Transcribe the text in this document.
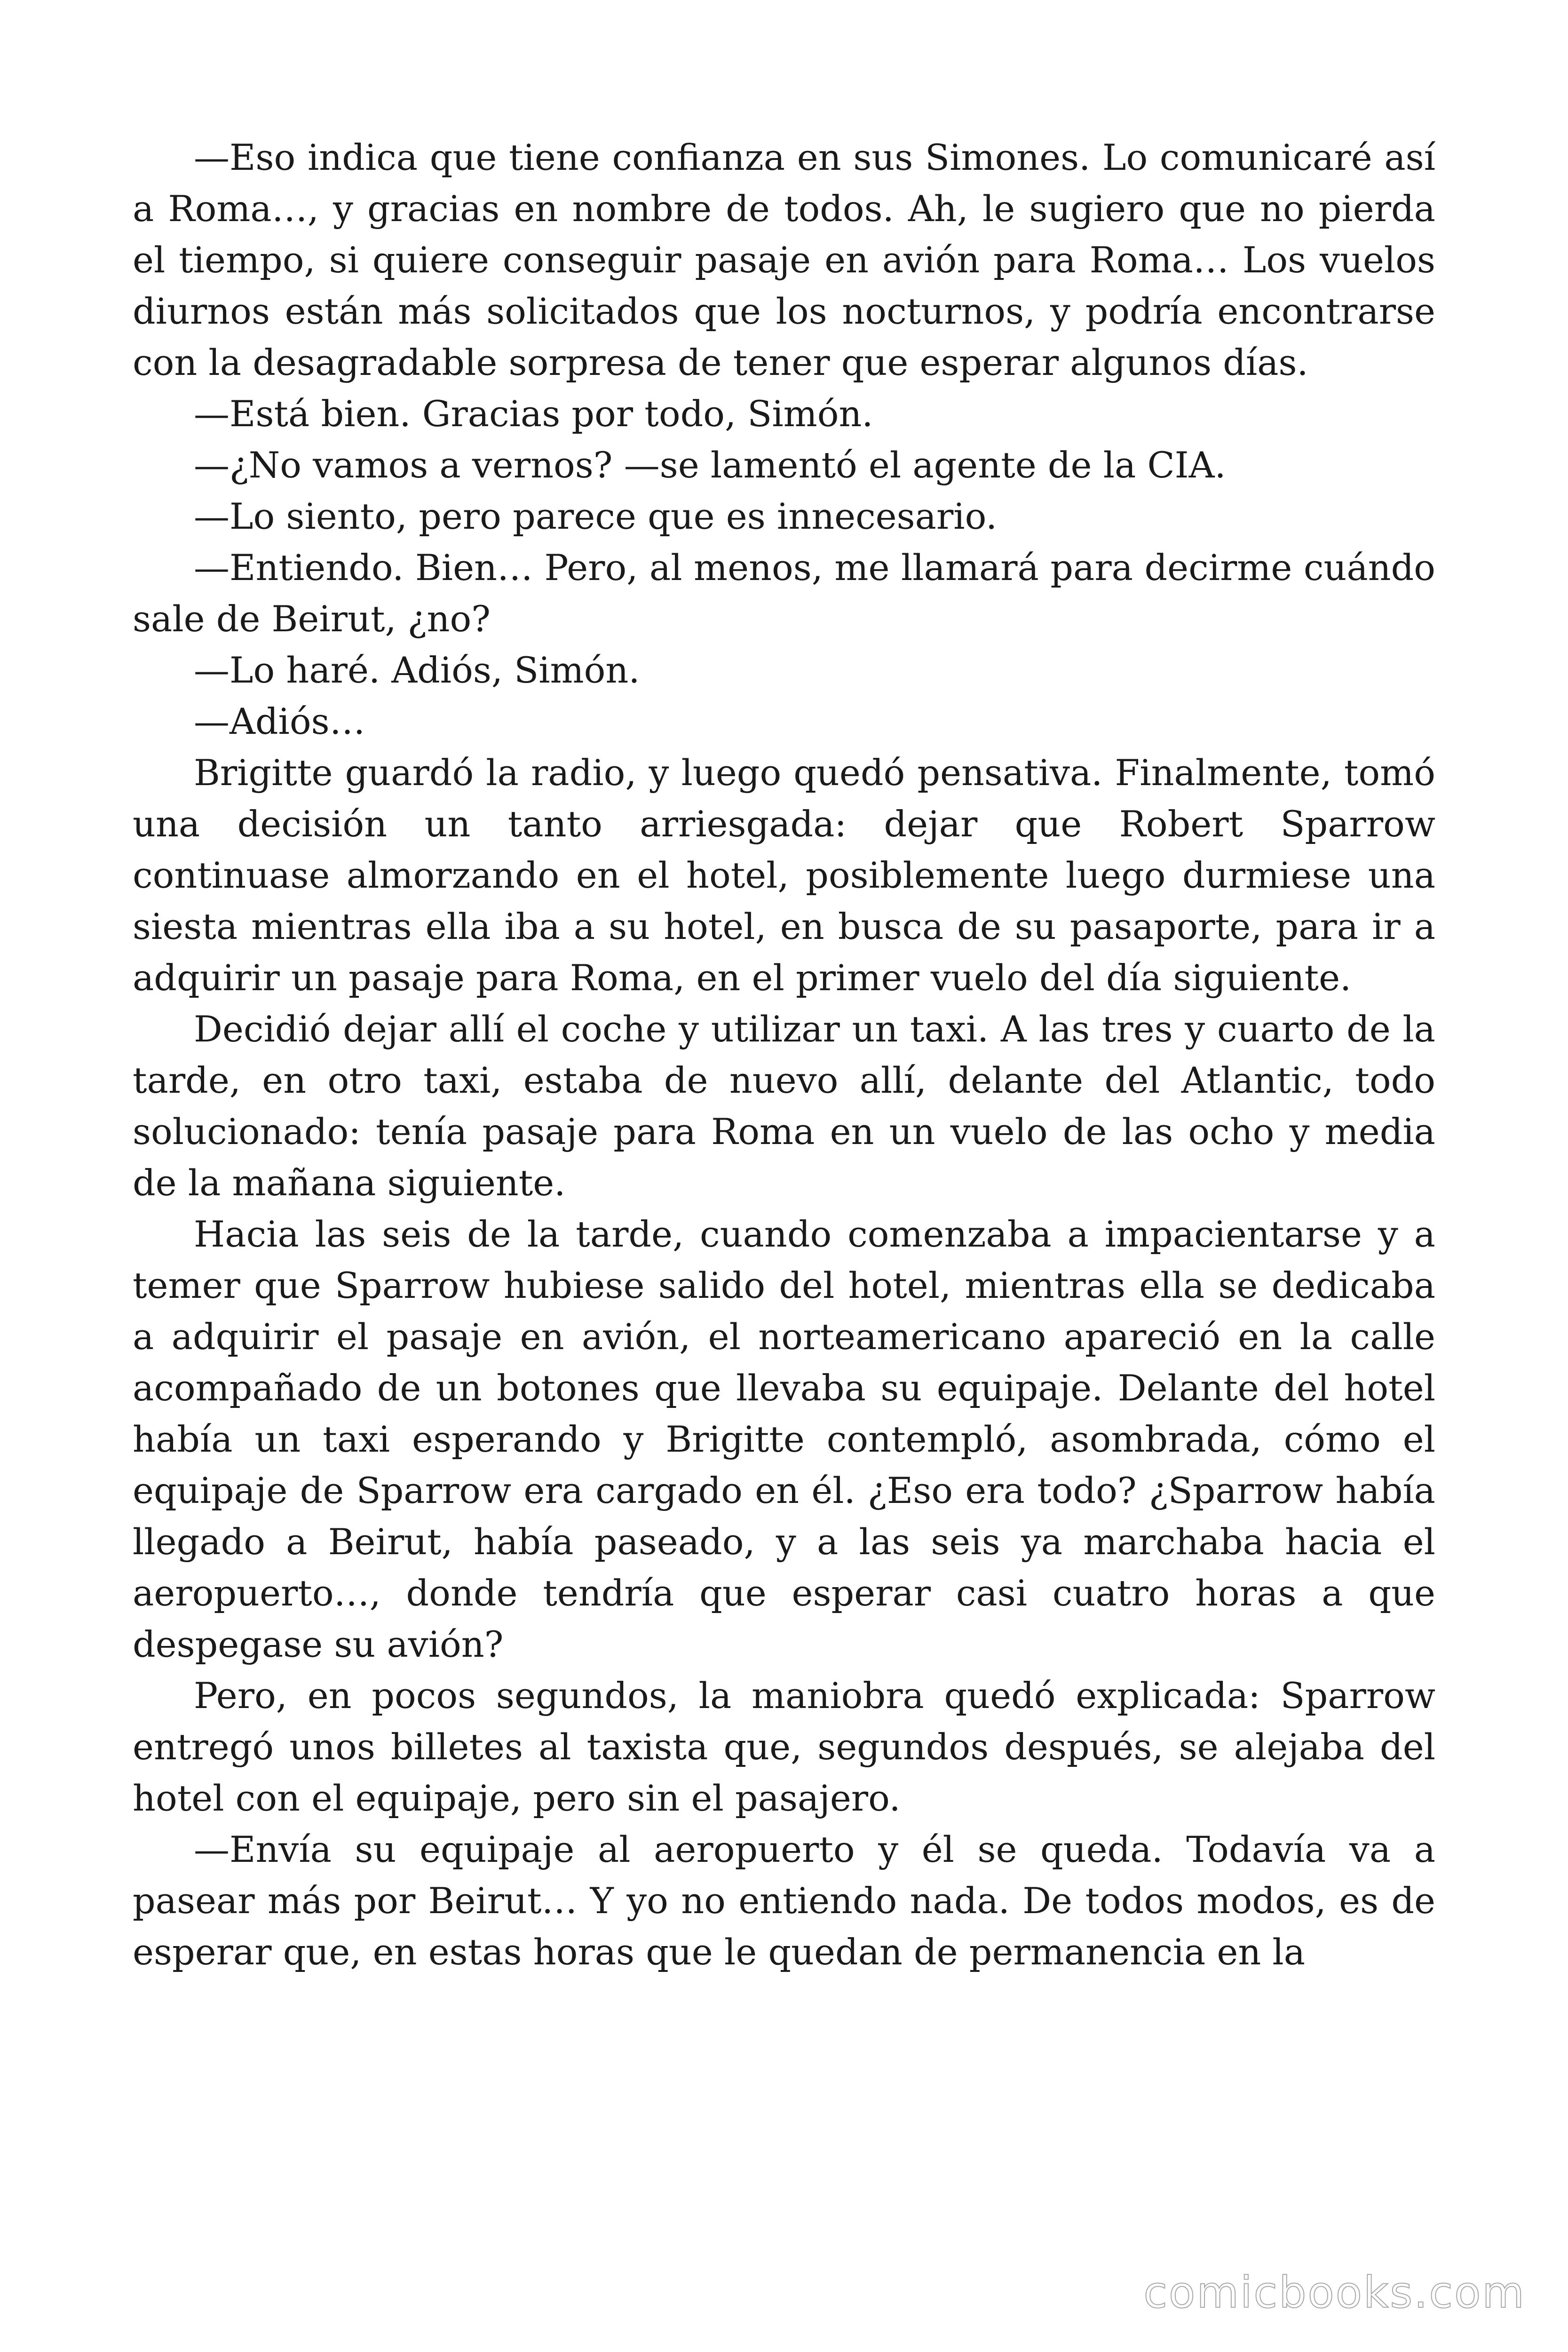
—Eso indica que tiene confianza en sus Simones. Lo comunicaré así a Roma…, y gracias en nombre de todos. Ah, le sugiero que no pierda el tiempo, si quiere conseguir pasaje en avión para Roma… Los vuelos diurnos están más solicitados que los nocturnos, y podría encontrarse con la desagradable sorpresa de tener que esperar algunos días.

—Está bien. Gracias por todo, Simón.

—¿No vamos a vernos? —se lamentó el agente de la CIA.

—Lo siento, pero parece que es innecesario.

—Entiendo. Bien… Pero, al menos, me llamará para decirme cuándo sale de Beirut, ¿no?

—Lo haré. Adiós, Simón.

—Adiós…

Brigitte guardó la radio, y luego quedó pensativa. Finalmente, tomó una decisión un tanto arriesgada: dejar que Robert Sparrow continuase almorzando en el hotel, posiblemente luego durmiese una siesta mientras ella iba a su hotel, en busca de su pasaporte, para ir a adquirir un pasaje para Roma, en el primer vuelo del día siguiente.

Decidió dejar allí el coche y utilizar un taxi. A las tres y cuarto de la tarde, en otro taxi, estaba de nuevo allí, delante del Atlantic, todo solucionado: tenía pasaje para Roma en un vuelo de las ocho y media de la mañana siguiente.

Hacia las seis de la tarde, cuando comenzaba a impacientarse y a temer que Sparrow hubiese salido del hotel, mientras ella se dedicaba a adquirir el pasaje en avión, el norteamericano apareció en la calle acompañado de un botones que llevaba su equipaje. Delante del hotel había un taxi esperando y Brigitte contempló, asombrada, cómo el equipaje de Sparrow era cargado en él. ¿Eso era todo? ¿Sparrow había llegado a Beirut, había paseado, y a las seis ya marchaba hacia el aeropuerto…, donde tendría que esperar casi cuatro horas a que despegase su avión?

Pero, en pocos segundos, la maniobra quedó explicada: Sparrow entregó unos billetes al taxista que, segundos después, se alejaba del hotel con el equipaje, pero sin el pasajero.

—Envía su equipaje al aeropuerto y él se queda. Todavía va a pasear más por Beirut… Y yo no entiendo nada. De todos modos, es de esperar que, en estas horas que le quedan de permanencia en la

comicbooks.com
